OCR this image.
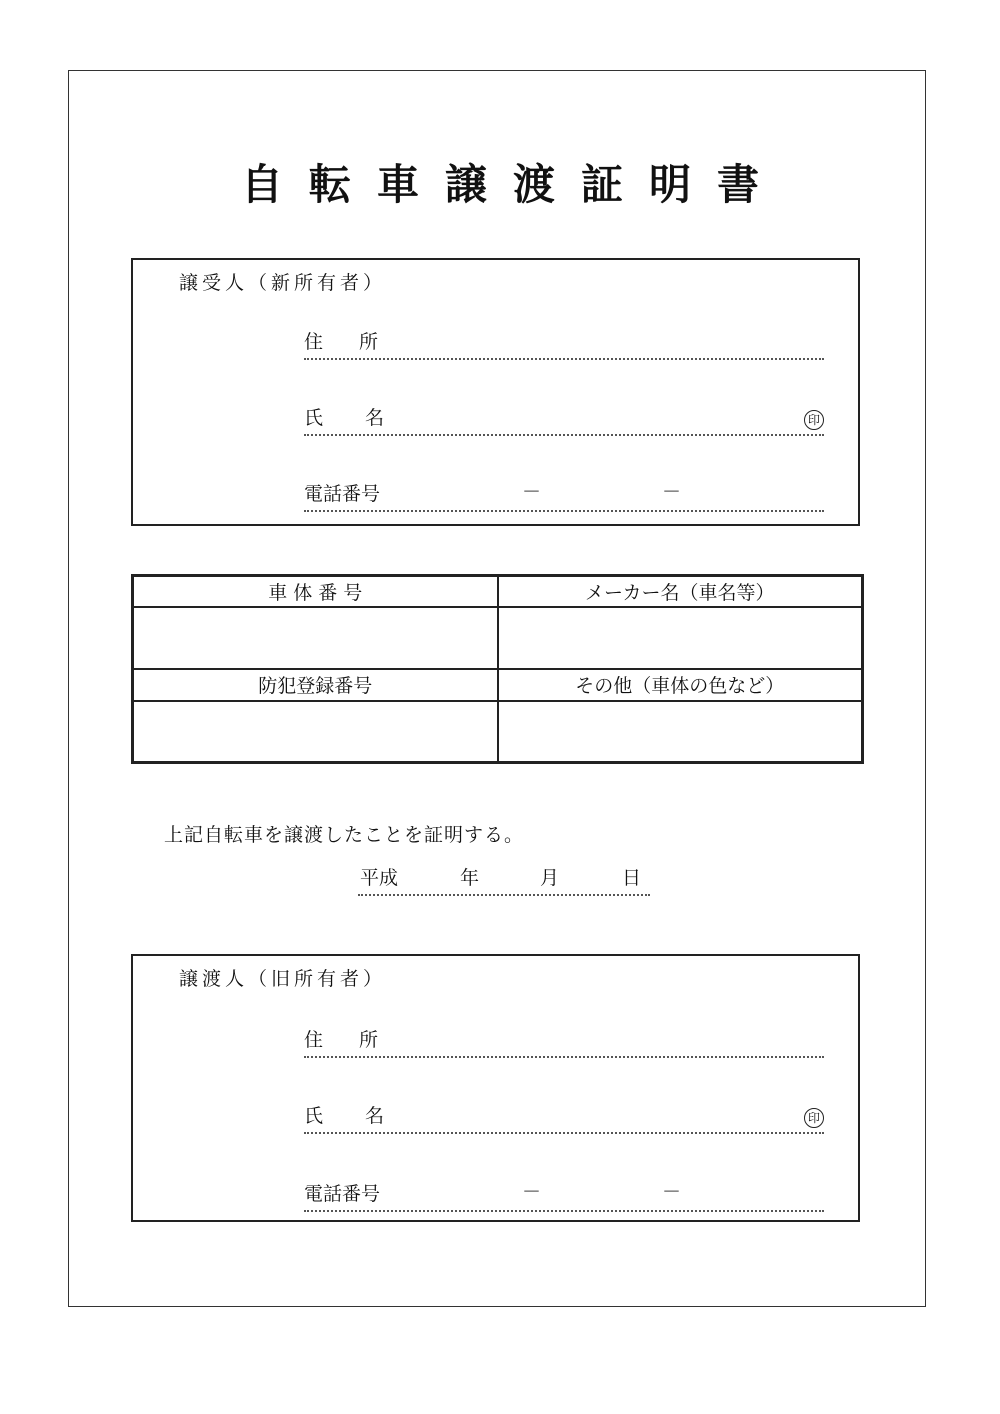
自転車譲渡証明書
譲受人（新所有者）
住所
氏名	印
電話番号	－	－
車 体 番 号	メーカー名（車名等）

防犯登録番号	その他（車体の色など）

上記自転車を譲渡したことを証明する。
平成	年	月	日
譲渡人（旧所有者）
住所
氏名	印
電話番号	－	－
